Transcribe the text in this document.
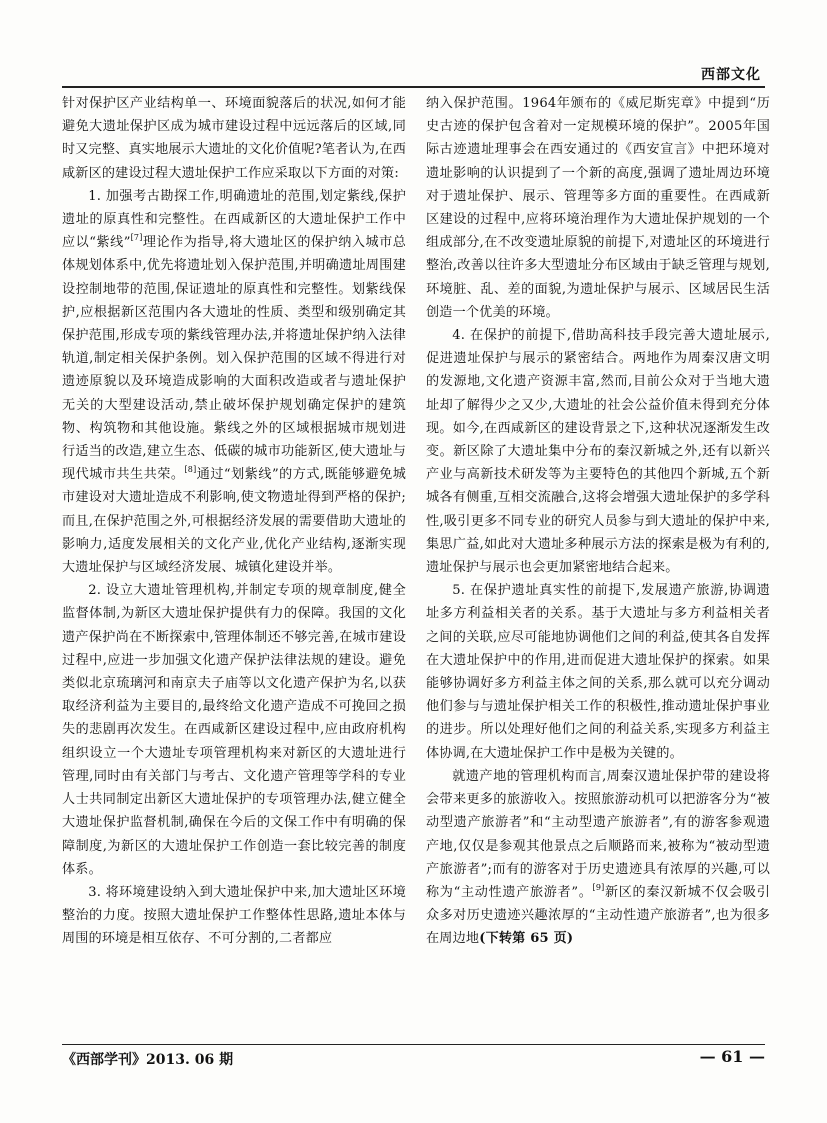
西部文化

针对保护区产业结构单一、环境面貌落后的状况,如何才能避免大遗址保护区成为城市建设过程中远远落后的区域,同时又完整、真实地展示大遗址的文化价值呢?笔者认为,在西咸新区的建设过程大遗址保护工作应采取以下方面的对策:

1. 加强考古勘探工作,明确遗址的范围,划定紫线,保护遗址的原真性和完整性。在西咸新区的大遗址保护工作中应以“紫线”[7]理论作为指导,将大遗址区的保护纳入城市总体规划体系中,优先将遗址划入保护范围,并明确遗址周围建设控制地带的范围,保证遗址的原真性和完整性。划紫线保护,应根据新区范围内各大遗址的性质、类型和级别确定其保护范围,形成专项的紫线管理办法,并将遗址保护纳入法律轨道,制定相关保护条例。划入保护范围的区域不得进行对遗迹原貌以及环境造成影响的大面积改造或者与遗址保护无关的大型建设活动,禁止破坏保护规划确定保护的建筑物、构筑物和其他设施。紫线之外的区域根据城市规划进行适当的改造,建立生态、低碳的城市功能新区,使大遗址与现代城市共生共荣。[8]通过“划紫线”的方式,既能够避免城市建设对大遗址造成不利影响,使文物遗址得到严格的保护;而且,在保护范围之外,可根据经济发展的需要借助大遗址的影响力,适度发展相关的文化产业,优化产业结构,逐渐实现大遗址保护与区域经济发展、城镇化建设并举。

2. 设立大遗址管理机构,并制定专项的规章制度,健全监督体制,为新区大遗址保护提供有力的保障。我国的文化遗产保护尚在不断探索中,管理体制还不够完善,在城市建设过程中,应进一步加强文化遗产保护法律法规的建设。避免类似北京琉璃河和南京夫子庙等以文化遗产保护为名,以获取经济利益为主要目的,最终给文化遗产造成不可挽回之损失的悲剧再次发生。在西咸新区建设过程中,应由政府机构组织设立一个大遗址专项管理机构来对新区的大遗址进行管理,同时由有关部门与考古、文化遗产管理等学科的专业人士共同制定出新区大遗址保护的专项管理办法,健立健全大遗址保护监督机制,确保在今后的文保工作中有明确的保障制度,为新区的大遗址保护工作创造一套比较完善的制度体系。

3. 将环境建设纳入到大遗址保护中来,加大遗址区环境整治的力度。按照大遗址保护工作整体性思路,遗址本体与周围的环境是相互依存、不可分割的,二者都应

纳入保护范围。1964年颁布的《威尼斯宪章》中提到“历史古迹的保护包含着对一定规模环境的保护”。2005年国际古迹遗址理事会在西安通过的《西安宣言》中把环境对遗址影响的认识提到了一个新的高度,强调了遗址周边环境对于遗址保护、展示、管理等多方面的重要性。在西咸新区建设的过程中,应将环境治理作为大遗址保护规划的一个组成部分,在不改变遗址原貌的前提下,对遗址区的环境进行整治,改善以往许多大型遗址分布区域由于缺乏管理与规划,环境脏、乱、差的面貌,为遗址保护与展示、区域居民生活创造一个优美的环境。

4. 在保护的前提下,借助高科技手段完善大遗址展示,促进遗址保护与展示的紧密结合。两地作为周秦汉唐文明的发源地,文化遗产资源丰富,然而,目前公众对于当地大遗址却了解得少之又少,大遗址的社会公益价值未得到充分体现。如今,在西咸新区的建设背景之下,这种状况逐渐发生改变。新区除了大遗址集中分布的秦汉新城之外,还有以新兴产业与高新技术研发等为主要特色的其他四个新城,五个新城各有侧重,互相交流融合,这将会增强大遗址保护的多学科性,吸引更多不同专业的研究人员参与到大遗址的保护中来,集思广益,如此对大遗址多种展示方法的探索是极为有利的,遗址保护与展示也会更加紧密地结合起来。

5. 在保护遗址真实性的前提下,发展遗产旅游,协调遗址多方利益相关者的关系。基于大遗址与多方利益相关者之间的关联,应尽可能地协调他们之间的利益,使其各自发挥在大遗址保护中的作用,进而促进大遗址保护的探索。如果能够协调好多方利益主体之间的关系,那么就可以充分调动他们参与与遗址保护相关工作的积极性,推动遗址保护事业的进步。所以处理好他们之间的利益关系,实现多方利益主体协调,在大遗址保护工作中是极为关键的。

就遗产地的管理机构而言,周秦汉遗址保护带的建设将会带来更多的旅游收入。按照旅游动机可以把游客分为“被动型遗产旅游者”和“主动型遗产旅游者”,有的游客参观遗产地,仅仅是参观其他景点之后顺路而来,被称为“被动型遗产旅游者”;而有的游客对于历史遗迹具有浓厚的兴趣,可以称为“主动性遗产旅游者”。[9]新区的秦汉新城不仅会吸引众多对历史遗迹兴趣浓厚的“主动性遗产旅游者”,也为很多在周边地(下转第 65 页)

《西部学刊》2013. 06 期	— 61 —
